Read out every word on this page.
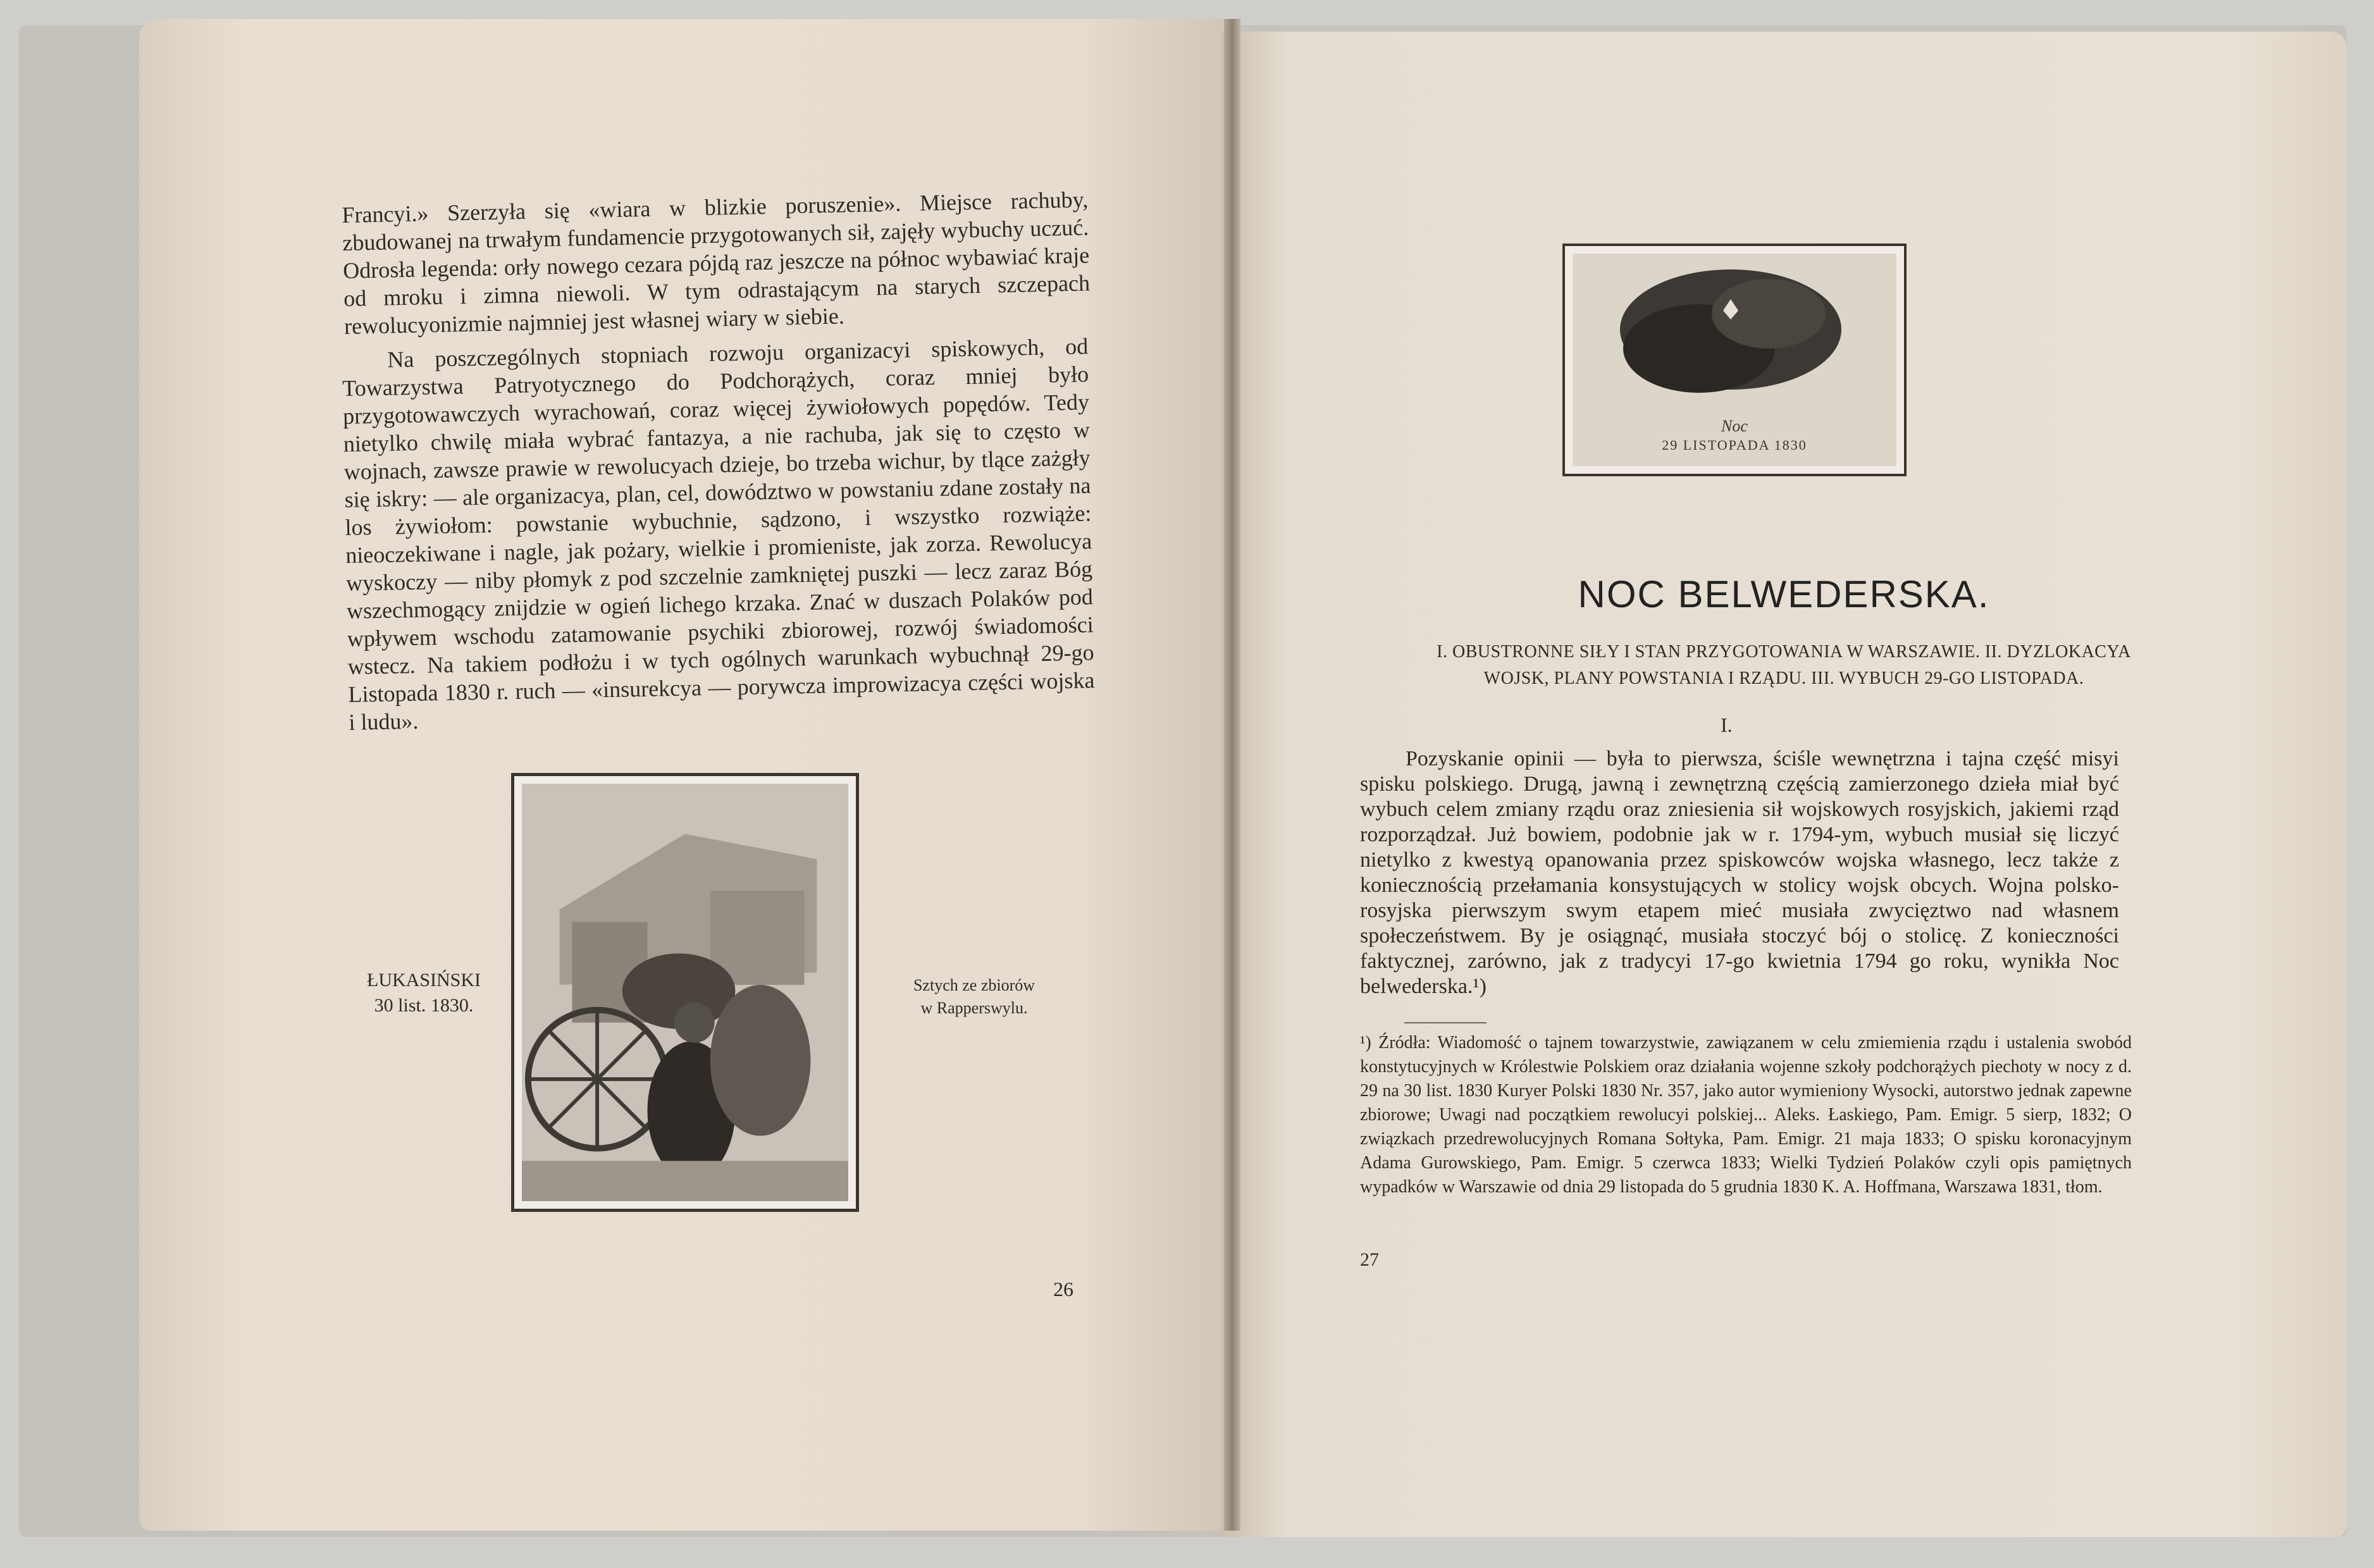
Francyi.» Szerzyła się «wiara w blizkie poruszenie». Miejsce rachuby, zbudowanej na trwałym fundamencie przygotowanych sił, zajęły wybuchy uczuć. Odrosła legenda: orły nowego cezara pójdą raz jeszcze na północ wybawiać kraje od mroku i zimna niewoli. W tym odrastającym na starych szczepach rewolucyonizmie najmniej jest własnej wiary w siebie.

Na poszczególnych stopniach rozwoju organizacyi spiskowych, od Towarzystwa Patryotycznego do Podchorążych, coraz mniej było przygotowawczych wyrachowań, coraz więcej żywiołowych popędów. Tedy nietylko chwilę miała wybrać fantazya, a nie rachuba, jak się to często w wojnach, zawsze prawie w rewolucyach dzieje, bo trzeba wichur, by tlące zażgły się iskry: — ale organizacya, plan, cel, dowództwo w powstaniu zdane zostały na los żywiołom: powstanie wybuchnie, sądzono, i wszystko rozwiąże: nieoczekiwane i nagle, jak pożary, wielkie i promieniste, jak zorza. Rewolucya wyskoczy — niby płomyk z pod szczelnie zamkniętej puszki — lecz zaraz Bóg wszechmogący znijdzie w ogień lichego krzaka. Znać w duszach Polaków pod wpływem wschodu zatamowanie psychiki zbiorowej, rozwój świadomości wstecz. Na takiem podłożu i w tych ogólnych warunkach wybuchnął 29-go Listopada 1830 r. ruch — «insurekcya — porywcza improwizacya części wojska i ludu».

ŁUKASIŃSKI
30 list. 1830.
Sztych ze zbiorów
w Rapperswylu.
26
Noc
29 LISTOPADA 1830
NOC BELWEDERSKA.
I. OBUSTRONNE SIŁY I STAN PRZYGOTOWANIA W WARSZAWIE. II. DYZLOKACYA
WOJSK, PLANY POWSTANIA I RZĄDU. III. WYBUCH 29-GO LISTOPADA.
I.

Pozyskanie opinii — była to pierwsza, ściśle wewnętrzna i tajna część misyi spisku polskiego. Drugą, jawną i zewnętrzną częścią zamierzonego dzieła miał być wybuch celem zmiany rządu oraz zniesienia sił wojskowych rosyjskich, jakiemi rząd rozporządzał. Już bowiem, podobnie jak w r. 1794-ym, wybuch musiał się liczyć nietylko z kwestyą opanowania przez spiskowców wojska własnego, lecz także z koniecznością przełamania konsystujących w stolicy wojsk obcych. Wojna polsko-rosyjska pierwszym swym etapem mieć musiała zwycięztwo nad własnem społeczeństwem. By je osiągnąć, musiała stoczyć bój o stolicę. Z konieczności faktycznej, zarówno, jak z tradycyi 17-go kwietnia 1794 go roku, wynikła Noc belwederska.¹)

¹) Źródła: Wiadomość o tajnem towarzystwie, zawiązanem w celu zmiemienia rządu i ustalenia swobód konstytucyjnych w Królestwie Polskiem oraz działania wojenne szkoły podchorążych piechoty w nocy z d. 29 na 30 list. 1830 Kuryer Polski 1830 Nr. 357, jako autor wymieniony Wysocki, autorstwo jednak zapewne zbiorowe; Uwagi nad początkiem rewolucyi polskiej... Aleks. Łaskiego, Pam. Emigr. 5 sierp, 1832; O związkach przedrewolucyjnych Romana Sołtyka, Pam. Emigr. 21 maja 1833; O spisku koronacyjnym Adama Gurowskiego, Pam. Emigr. 5 czerwca 1833; Wielki Tydzień Polaków czyli opis pamiętnych wypadków w Warszawie od dnia 29 listopada do 5 grudnia 1830 K. A. Hoffmana, Warszawa 1831, tłom.

27
